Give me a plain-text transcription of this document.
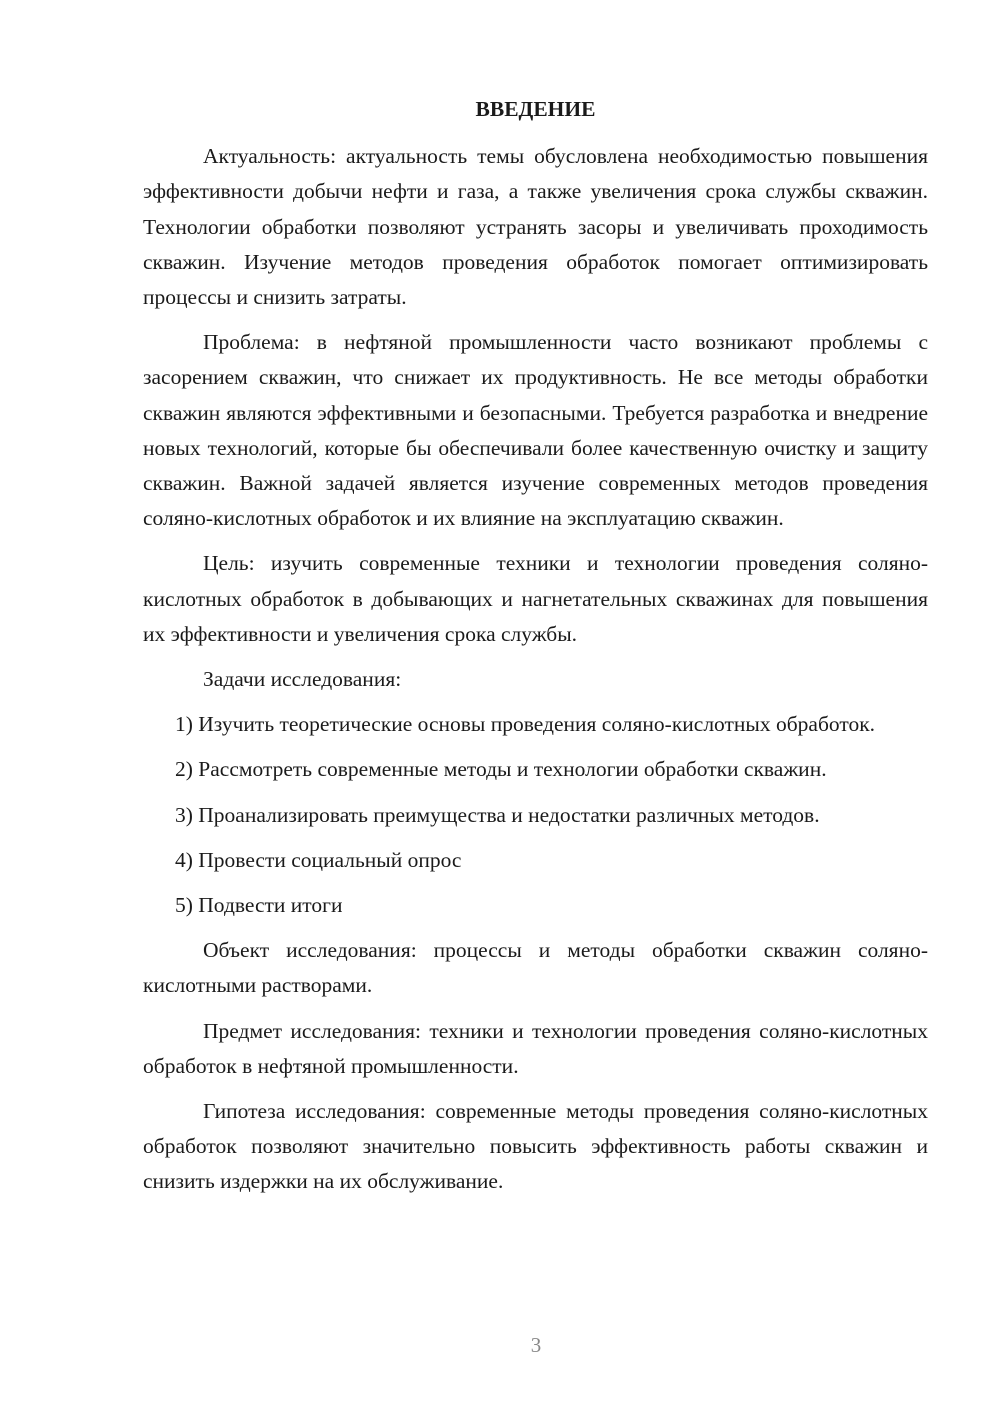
ВВЕДЕНИЕ

Актуальность: актуальность темы обусловлена необходимостью повышения эффективности добычи нефти и газа, а также увеличения срока службы скважин. Технологии обработки позволяют устранять засоры и увеличивать проходимость скважин. Изучение методов проведения обработок помогает оптимизировать процессы и снизить затраты.

Проблема: в нефтяной промышленности часто возникают проблемы с засорением скважин, что снижает их продуктивность. Не все методы обработки скважин являются эффективными и безопасными. Требуется разработка и внедрение новых технологий, которые бы обеспечивали более качественную очистку и защиту скважин. Важной задачей является изучение современных методов проведения соляно-кислотных обработок и их влияние на эксплуатацию скважин.

Цель: изучить современные техники и технологии проведения соляно-кислотных обработок в добывающих и нагнетательных скважинах для повышения их эффективности и увеличения срока службы.

Задачи исследования:

1) Изучить теоретические основы проведения соляно-кислотных обработок.

2) Рассмотреть современные методы и технологии обработки скважин.

3) Проанализировать преимущества и недостатки различных методов.

4) Провести социальный опрос

5) Подвести итоги

Объект исследования: процессы и методы обработки скважин соляно-кислотными растворами.

Предмет исследования: техники и технологии проведения соляно-кислотных обработок в нефтяной промышленности.

Гипотеза исследования: современные методы проведения соляно-кислотных обработок позволяют значительно повысить эффективность работы скважин и снизить издержки на их обслуживание.

3
